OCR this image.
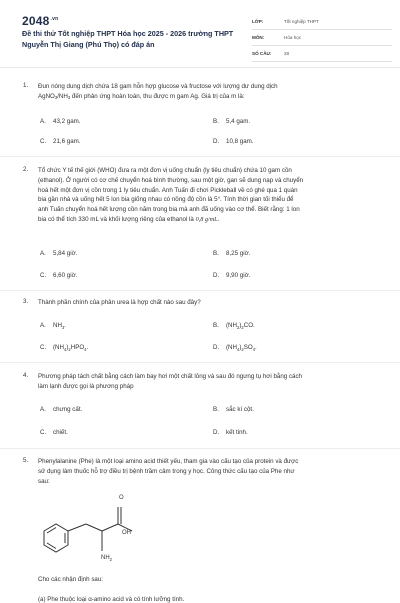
$2048^{.vn}$
Đề thi thử Tốt nghiệp THPT Hóa học 2025 - 2026 trường THPT Nguyễn Thị Giang (Phú Thọ) có đáp án
LỚP:	Tốt nghiệp THPT
MÔN:	Hóa học
SỐ CÂU:	28
1. Đun nóng dung dịch chứa 18 gam hỗn hợp glucose và fructose với lượng dư dung dịch
$AgNO_3/NH_3$ đến phản ứng hoàn toàn, thu được m gam Ag. Giá trị của m là:
A.	43,2 gam.	B.	5,4 gam.
C.	21,6 gam.	D.	10,8 gam.
2. Tổ chức Y tế thế giới (WHO) đưa ra một đơn vị uống chuẩn (ly tiêu chuẩn) chứa 10 gam cồn
(ethanol). Ở người có cơ chế chuyển hoá bình thường, sau một giờ, gan sẽ dung nạp và chuyển
hoá hết một đơn vị cồn trong 1 ly tiêu chuẩn. Anh Tuấn đi chơi Pickleball về có ghé qua 1 quán
bia gần nhà và uống hết 5 lon bia giống nhau có nồng độ cồn là 5°. Tính thời gian tối thiểu để
anh Tuấn chuyển hoá hết lượng cồn năm trong bia mà anh đã uống vào cơ thể. Biết rằng: 1 lon
bia có thể tích 330 mL và khối lượng riêng của ethanol là 0,8 g/mL.
A.	5,84 giờ.	B.	8,25 giờ.
C.	6,60 giờ.	D.	9,90 giờ.
3. Thành phần chính của phân urea là hợp chất nào sau đây?
A.	$NH_3$.	B.	$(NH_2)_2CO$.
C.	$(NH_4)_2HPO_4$.	D.	$(NH_4)_2SO_4$.
4. Phương pháp tách chất bằng cách làm bay hơi một chất lỏng và sau đó ngưng tụ hơi bằng cách
làm lạnh được gọi là phương pháp
A.	chưng cất.	B.	sắc kí cột.
C.	chiết.	D.	kết tinh.
5. Phenylalanine (Phe) là một loại amino acid thiết yếu, tham gia vào cấu tạo của protein và được
sử dụng làm thuốc hỗ trợ điều trị bệnh trầm cảm trong y học. Công thức cấu tạo của Phe như
sau:
O
OH
$NH_2$
Cho các nhận định sau:
(a) Phe thuộc loại α-amino acid và có tính lưỡng tính.
